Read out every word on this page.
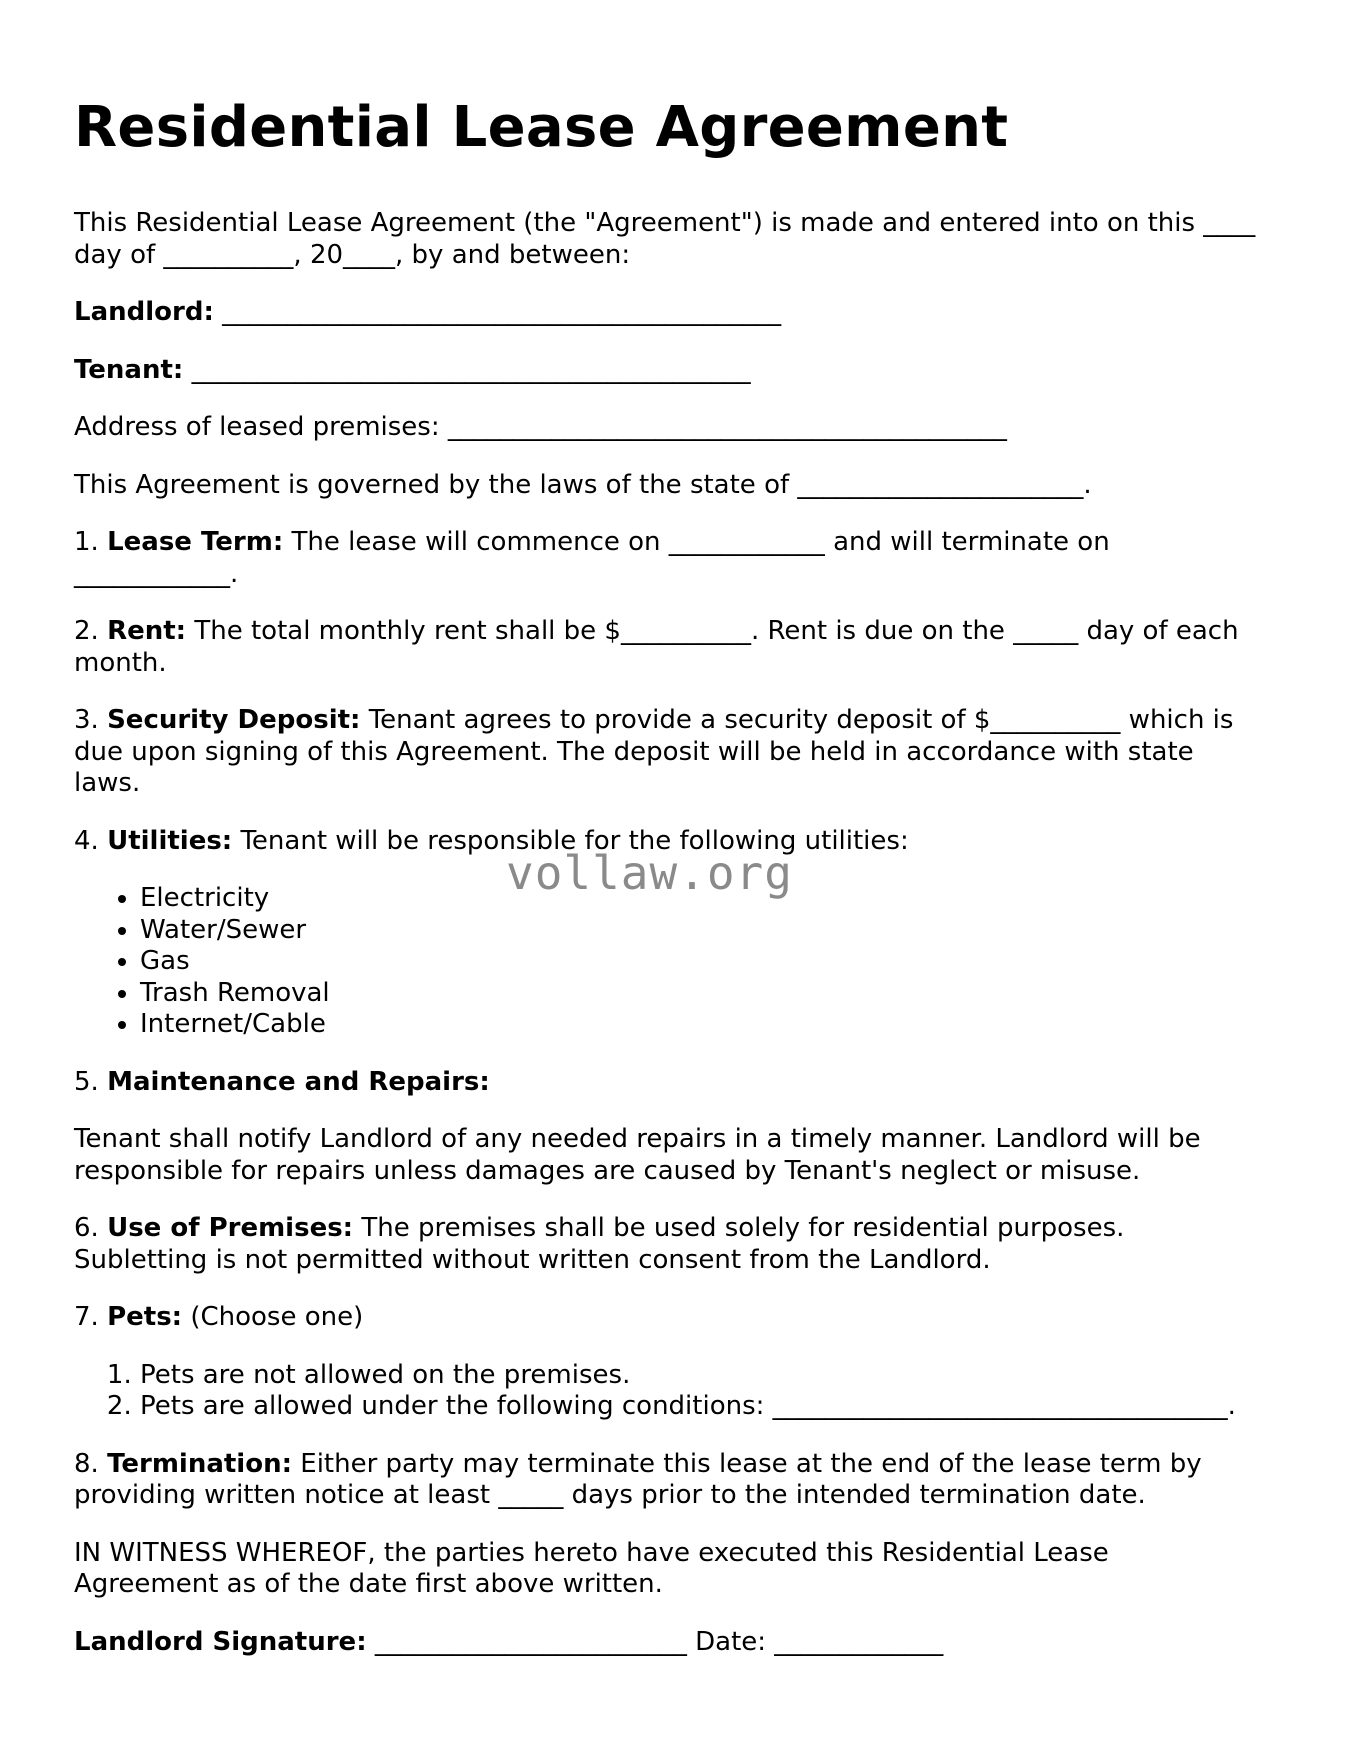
Residential Lease Agreement

This Residential Lease Agreement (the "Agreement") is made and entered into on this ____
day of __________, 20____, by and between:

Landlord: ___________________________________________

Tenant: ___________________________________________

Address of leased premises: ___________________________________________

This Agreement is governed by the laws of the state of ______________________.

1. Lease Term: The lease will commence on ____________ and will terminate on
____________.

2. Rent: The total monthly rent shall be $__________. Rent is due on the _____ day of each
month.

3. Security Deposit: Tenant agrees to provide a security deposit of $__________ which is
due upon signing of this Agreement. The deposit will be held in accordance with state
laws.

4. Utilities: Tenant will be responsible for the following utilities:

• Electricity
• Water/Sewer
• Gas
• Trash Removal
• Internet/Cable

5. Maintenance and Repairs:

Tenant shall notify Landlord of any needed repairs in a timely manner. Landlord will be
responsible for repairs unless damages are caused by Tenant's neglect or misuse.

6. Use of Premises: The premises shall be used solely for residential purposes.
Subletting is not permitted without written consent from the Landlord.

7. Pets: (Choose one)

1. Pets are not allowed on the premises.
2. Pets are allowed under the following conditions: ___________________________________.

8. Termination: Either party may terminate this lease at the end of the lease term by
providing written notice at least _____ days prior to the intended termination date.

IN WITNESS WHEREOF, the parties hereto have executed this Residential Lease
Agreement as of the date first above written.

Landlord Signature: ________________________ Date: _____________

vollaw.org
